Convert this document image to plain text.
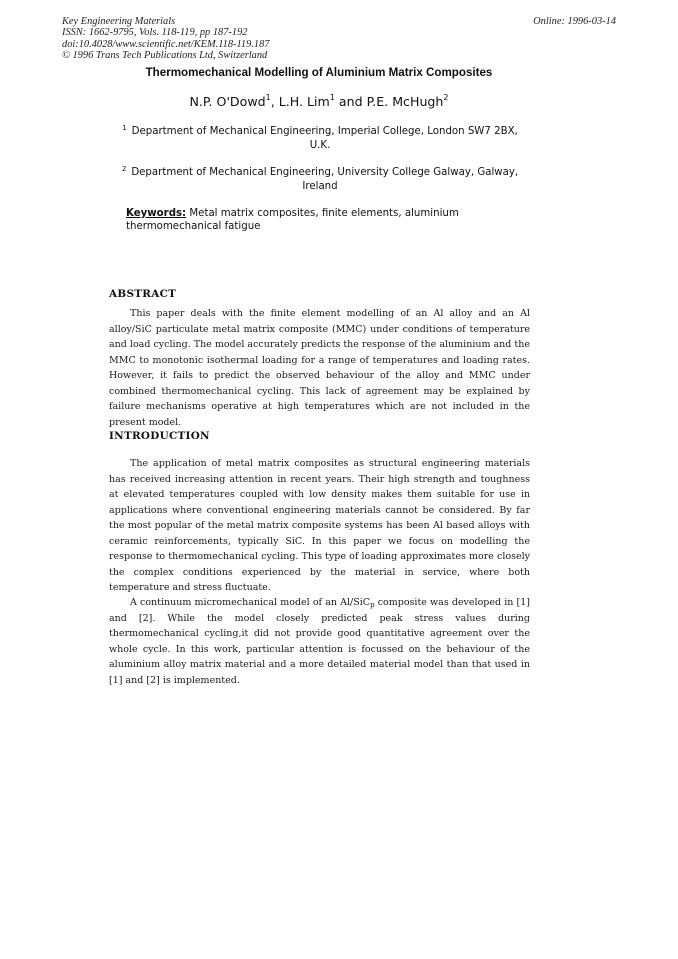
Key Engineering Materials
ISSN: 1662-9795, Vols. 118-119, pp 187-192
doi:10.4028/www.scientific.net/KEM.118-119.187
© 1996 Trans Tech Publications Ltd, Switzerland
Online: 1996-03-14
Thermomechanical Modelling of Aluminium Matrix Composites
N.P. O'Dowd$^1$, L.H. Lim$^1$ and P.E. McHugh$^2$
$^1$ Department of Mechanical Engineering, Imperial College, London SW7 2BX, U.K.
$^2$ Department of Mechanical Engineering, University College Galway, Galway, Ireland
Keywords: Metal matrix composites, finite elements, aluminium thermomechanical fatigue
ABSTRACT
This paper deals with the finite element modelling of an Al alloy and an Al alloy/SiC particulate metal matrix composite (MMC) under conditions of temperature and load cycling. The model accurately predicts the response of the aluminium and the MMC to monotonic isothermal loading for a range of temperatures and loading rates. However, it fails to predict the observed behaviour of the alloy and MMC under combined thermomechanical cycling. This lack of agreement may be explained by failure mechanisms operative at high temperatures which are not included in the present model.
INTRODUCTION
The application of metal matrix composites as structural engineering materials has received increasing attention in recent years. Their high strength and toughness at elevated temperatures coupled with low density makes them suitable for use in applications where conventional engineering materials cannot be considered. By far the most popular of the metal matrix composite systems has been Al based alloys with ceramic reinforcements, typically SiC. In this paper we focus on modelling the response to thermomechanical cycling. This type of loading approximates more closely the complex conditions experienced by the material in service, where both temperature and stress fluctuate.
A continuum micromechanical model of an Al/SiC$_p$ composite was developed in [1] and [2]. While the model closely predicted peak stress values during thermomechanical cycling,it did not provide good quantitative agreement over the whole cycle. In this work, particular attention is focussed on the behaviour of the aluminium alloy matrix material and a more detailed material model than that used in [1] and [2] is implemented.
